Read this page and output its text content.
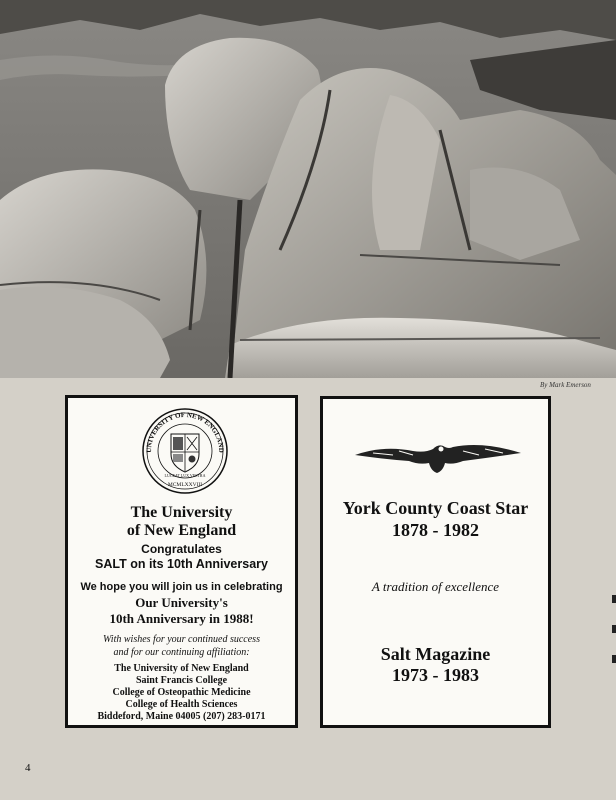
By Mark Emerson
UNIVERSITY OF NEW ENGLAND
LUCEAT LUX VESTRA
MCMLXXVIII
The University
of New England
Congratulates
SALT on its 10th Anniversary
We hope you will join us in celebrating
Our University's
10th Anniversary in 1988!
With wishes for your continued success
and for our continuing affiliation:
The University of New England
Saint Francis College
College of Osteopathic Medicine
College of Health Sciences
Biddeford, Maine 04005 (207) 283-0171
York County Coast Star
1878 - 1982
A tradition of excellence
Salt Magazine
1973 - 1983
4
